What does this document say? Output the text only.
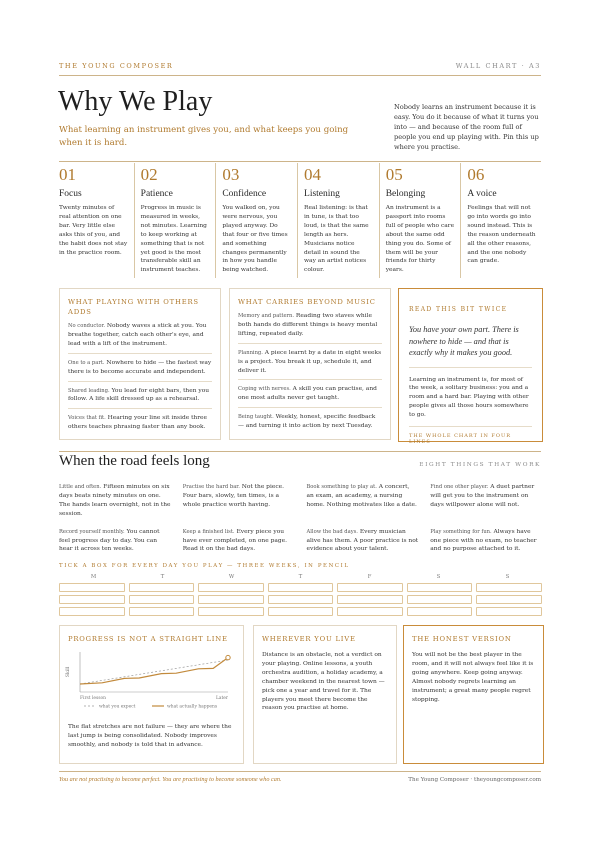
THE YOUNG COMPOSER	WALL CHART · A3
Why We Play
What learning an instrument gives you, and what keeps you going when it is hard.
Nobody learns an instrument because it is easy. You do it because of what it turns you into — and because of the room full of people you end up playing with. Pin this up where you practise.
01
Focus
Twenty minutes of real attention on one bar. Very little else asks this of you, and the habit does not stay in the practice room.
02
Patience
Progress in music is measured in weeks, not minutes. Learning to keep working at something that is not yet good is the most transferable skill an instrument teaches.
03
Confidence
You walked on, you were nervous, you played anyway. Do that four or five times and something changes permanently in how you handle being watched.
04
Listening
Real listening: is that in tune, is that too loud, is that the same length as hers. Musicians notice detail in sound the way an artist notices colour.
05
Belonging
An instrument is a passport into rooms full of people who care about the same odd thing you do. Some of them will be your friends for thirty years.
06
A voice
Feelings that will not go into words go into sound instead. This is the reason underneath all the other reasons, and the one nobody can grade.
WHAT PLAYING WITH OTHERS ADDS
No conductor. Nobody waves a stick at you. You breathe together, catch each other's eye, and lead with a lift of the instrument.
One to a part. Nowhere to hide — the fastest way there is to become accurate and independent.
Shared leading. You lead for eight bars, then you follow. A life skill dressed up as a rehearsal.
Voices that fit. Hearing your line sit inside three others teaches phrasing faster than any book.
WHAT CARRIES BEYOND MUSIC
Memory and pattern. Reading two staves while both hands do different things is heavy mental lifting, repeated daily.
Planning. A piece learnt by a date in eight weeks is a project. You break it up, schedule it, and deliver it.
Coping with nerves. A skill you can practise, and one most adults never get taught.
Being taught. Weekly, honest, specific feedback — and turning it into action by next Tuesday.
READ THIS BIT TWICE
You have your own part. There is nowhere to hide — and that is exactly why it makes you good.
Learning an instrument is, for most of the week, a solitary business: you and a room and a hard bar. Playing with other people gives all those hours somewhere to go.
THE WHOLE CHART IN FOUR LINES
When the road feels long	EIGHT THINGS THAT WORK
Little and often. Fifteen minutes on six days beats ninety minutes on one. The hands learn overnight, not in the session.
Practise the hard bar. Not the piece. Four bars, slowly, ten times, is a whole practice worth having.
Book something to play at. A concert, an exam, an academy, a nursing home. Nothing motivates like a date.
Find one other player. A duet partner will get you to the instrument on days willpower alone will not.
Record yourself monthly. You cannot feel progress day to day. You can hear it across ten weeks.
Keep a finished list. Every piece you have ever completed, on one page. Read it on the bad days.
Allow the bad days. Every musician alive has them. A poor practice is not evidence about your talent.
Play something for fun. Always have one piece with no exam, no teacher and no purpose attached to it.
TICK A BOX FOR EVERY DAY YOU PLAY — THREE WEEKS, IN PENCIL
M	T	W	T	F	S	S
PROGRESS IS NOT A STRAIGHT LINE
Skill
First lesson	Later
what you expect	what actually happens
The flat stretches are not failure — they are where the last jump is being consolidated. Nobody improves smoothly, and nobody is told that in advance.
WHEREVER YOU LIVE
Distance is an obstacle, not a verdict on your playing. Online lessons, a youth orchestra audition, a holiday academy, a chamber weekend in the nearest town — pick one a year and travel for it. The players you meet there become the reason you practise at home.
THE HONEST VERSION
You will not be the best player in the room, and it will not always feel like it is going anywhere. Keep going anyway. Almost nobody regrets learning an instrument; a great many people regret stopping.
You are not practising to become perfect. You are practising to become someone who can.	The Young Composer · theyoungcomposer.com
